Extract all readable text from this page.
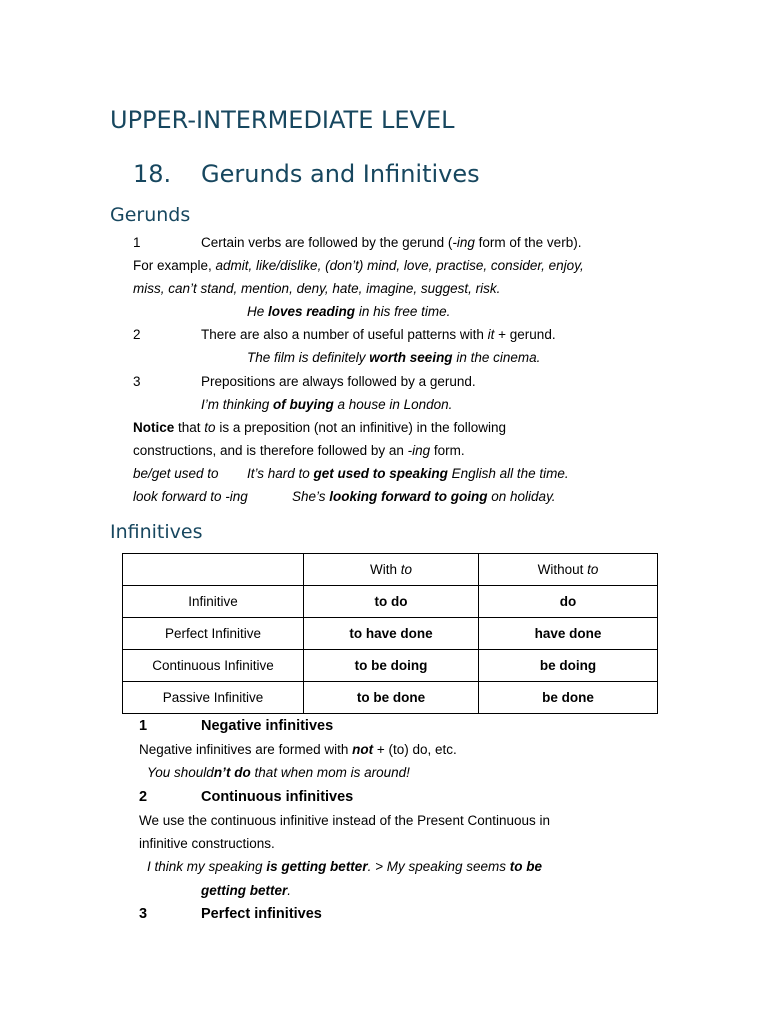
UPPER-INTERMEDIATE LEVEL
18. Gerunds and Infinitives
Gerunds
1	Certain verbs are followed by the gerund (-ing form of the verb).
For example, admit, like/dislike, (don’t) mind, love, practise, consider, enjoy,
miss, can’t stand, mention, deny, hate, imagine, suggest, risk.
He loves reading in his free time.
2	There are also a number of useful patterns with it + gerund.
The film is definitely worth seeing in the cinema.
3	Prepositions are always followed by a gerund.
I’m thinking of buying a house in London.
Notice that to is a preposition (not an infinitive) in the following
constructions, and is therefore followed by an -ing form.
be/get used to It’s hard to get used to speaking English all the time.
look forward to -ing	She’s looking forward to going on holiday.
Infinitives
	With to	Without to
Infinitive	to do	do
Perfect Infinitive	to have done	have done
Continuous Infinitive	to be doing	be doing
Passive Infinitive	to be done	be done
1	Negative infinitives
Negative infinitives are formed with not + (to) do, etc.
You shouldn’t do that when mom is around!
2	Continuous infinitives
We use the continuous infinitive instead of the Present Continuous in
infinitive constructions.
I think my speaking is getting better. > My speaking seems to be
getting better.
3	Perfect infinitives
